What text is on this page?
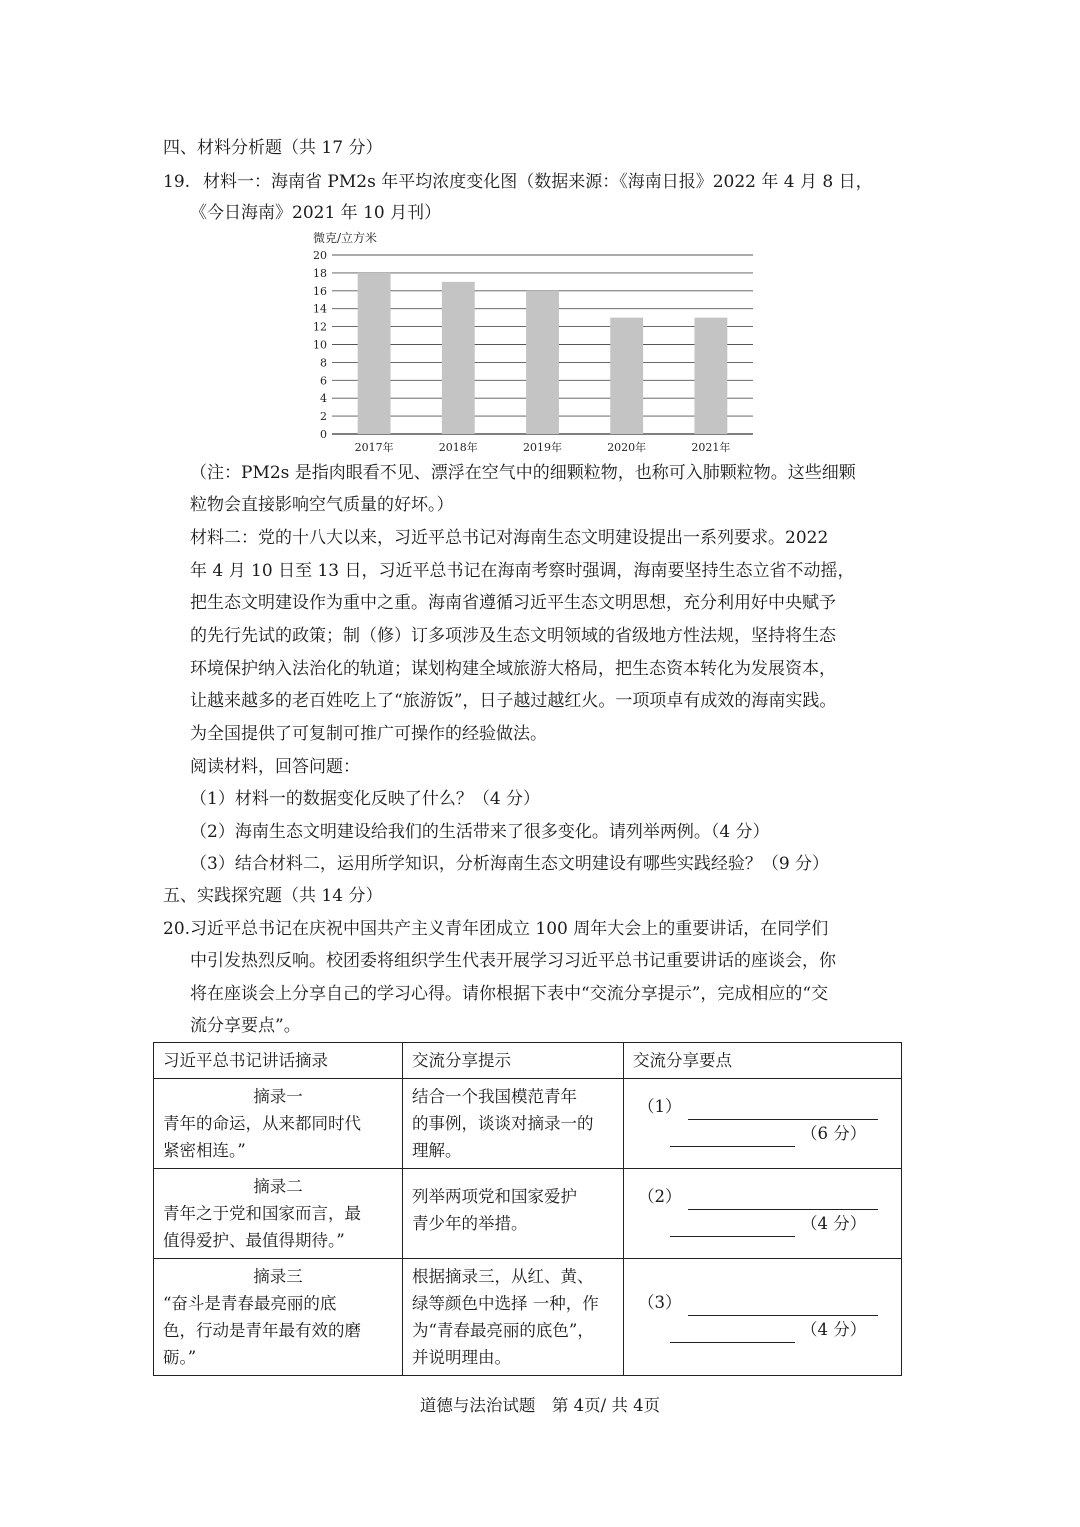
四、材料分析题（共 17 分）
19. 材料一：海南省 PM2s 年平均浓度变化图（数据来源：《海南日报》2022 年 4 月 8 日，
《今日海南》2021 年 10 月刊）
微克/立方米
0
2
4
6
8
10
12
14
16
18
20
2017年	2018年	2019年	2020年	2021年
（注：PM2s 是指肉眼看不见、漂浮在空气中的细颗粒物，也称可入肺颗粒物。这些细颗
粒物会直接影响空气质量的好坏。）
材料二：党的十八大以来，习近平总书记对海南生态文明建设提出一系列要求。2022
年 4 月 10 日至 13 日，习近平总书记在海南考察时强调，海南要坚持生态立省不动摇，
把生态文明建设作为重中之重。海南省遵循习近平生态文明思想，充分利用好中央赋予
的先行先试的政策；制（修）订多项涉及生态文明领域的省级地方性法规，坚持将生态
环境保护纳入法治化的轨道；谋划构建全域旅游大格局，把生态资本转化为发展资本，
让越来越多的老百姓吃上了“旅游饭”，日子越过越红火。一项项卓有成效的海南实践。
为全国提供了可复制可推广可操作的经验做法。
阅读材料，回答问题：
（1）材料一的数据变化反映了什么？（4 分）
（2）海南生态文明建设给我们的生活带来了很多变化。请列举两例。（4 分）
（3）结合材料二，运用所学知识，分析海南生态文明建设有哪些实践经验？（9 分）
五、实践探究题（共 14 分）
20. 习近平总书记在庆祝中国共产主义青年团成立 100 周年大会上的重要讲话，在同学们
中引发热烈反响。校团委将组织学生代表开展学习习近平总书记重要讲话的座谈会，你
将在座谈会上分享自己的学习心得。请你根据下表中“交流分享提示”，完成相应的“交
流分享要点”。
习近平总书记讲话摘录	交流分享提示	交流分享要点

摘录一
青年的命运，从来都同时代
紧密相连。”	结合一个我国模范青年
的事例，谈谈对摘录一的
理解。	（1）
（6 分）

摘录二
青年之于党和国家而言，最
值得爱护、最值得期待。”	列举两项党和国家爱护
青少年的举措。	（2）
（4 分）

摘录三
“奋斗是青春最亮丽的底
色，行动是青年最有效的磨
砺。”	根据摘录三，从红、黄、
绿等颜色中选择 一种，作
为“青春最亮丽的底色”，
并说明理由。	（3）
（4 分）
道德与法治试题　第 4页/ 共 4页
